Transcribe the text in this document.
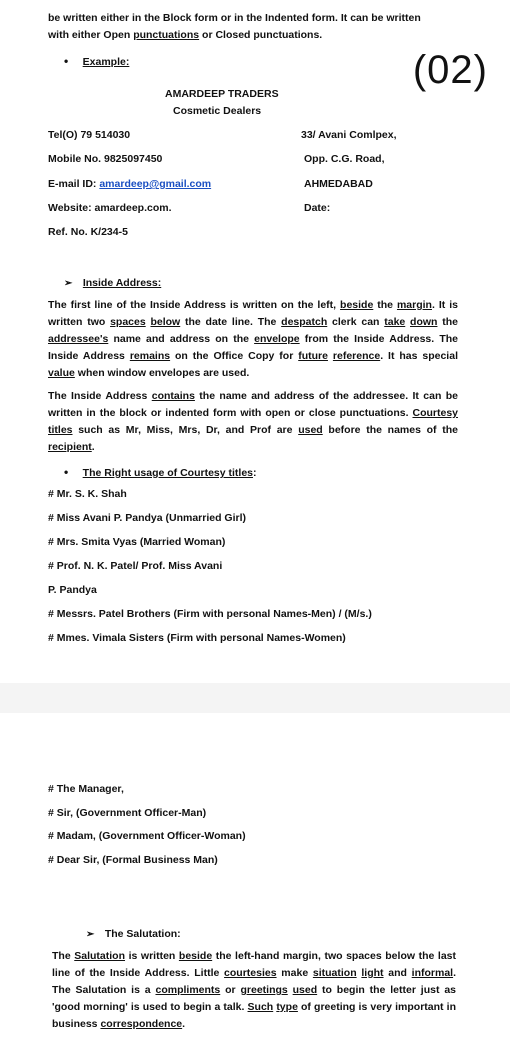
be written either in the Block form or in the Indented form. It can be written
with either Open punctuations or Closed punctuations.
(02)
• Example:
AMARDEEP TRADERS
Cosmetic Dealers
Tel(O) 79 514030
Mobile No. 9825097450
E-mail ID: amardeep@gmail.com
Website: amardeep.com.
Ref. No. K/234-5
33/ Avani Comlpex,
Opp. C.G. Road,
AHMEDABAD
Date:
➢ Inside Address:
The first line of the Inside Address is written on the left, beside the margin. It is written two spaces below the date line. The despatch clerk can take down the addressee's name and address on the envelope from the Inside Address. The Inside Address remains on the Office Copy for future reference. It has special value when window envelopes are used.
The Inside Address contains the name and address of the addressee. It can be written in the block or indented form with open or close punctuations. Courtesy titles such as Mr, Miss, Mrs, Dr, and Prof are used before the names of the recipient.
• The Right usage of Courtesy titles:
# Mr. S. K. Shah
# Miss Avani P. Pandya (Unmarried Girl)
# Mrs. Smita Vyas (Married Woman)
# Prof. N. K. Patel/ Prof. Miss Avani
P. Pandya
# Messrs. Patel Brothers (Firm with personal Names-Men) / (M/s.)
# Mmes. Vimala Sisters (Firm with personal Names-Women)
# The Manager,
# Sir, (Government Officer-Man)
# Madam, (Government Officer-Woman)
# Dear Sir, (Formal Business Man)
➢ The Salutation:
The Salutation is written beside the left-hand margin, two spaces below the last line of the Inside Address. Little courtesies make situation light and informal. The Salutation is a compliments or greetings used to begin the letter just as 'good morning' is used to begin a talk. Such type of greeting is very important in business correspondence.
